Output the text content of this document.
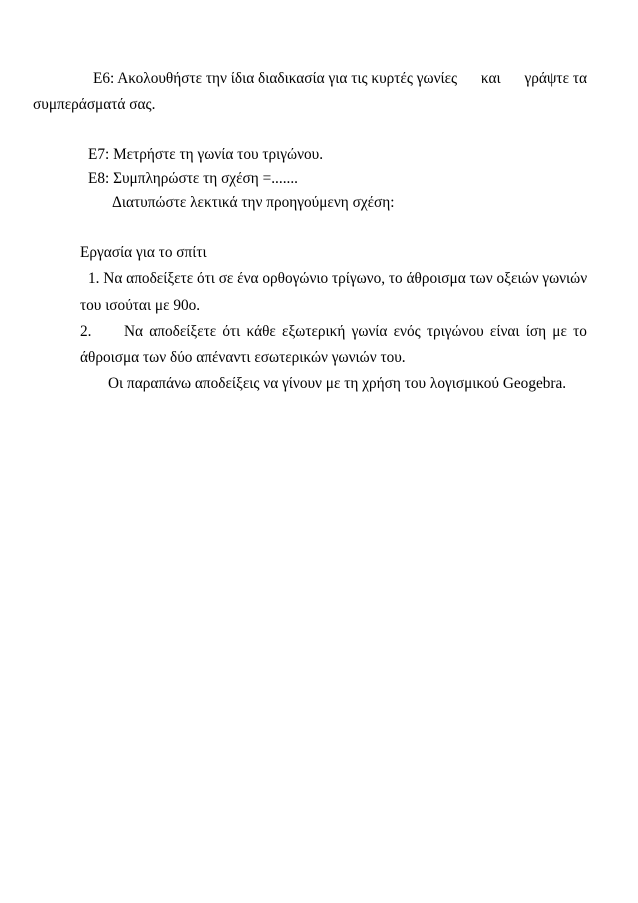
Ε6: Ακολουθήστε την ίδια διαδικασία για τις κυρτές γωνίες και γράψτε τα
συμπεράσματά σας.
Ε7: Μετρήστε τη γωνία του τριγώνου.
Ε8: Συμπληρώστε τη σχέση =.......
Διατυπώστε λεκτικά την προηγούμενη σχέση:
Εργασία για το σπίτι
1. Να αποδείξετε ότι σε ένα ορθογώνιο τρίγωνο, το άθροισμα των οξειών γωνιών
του ισούται με 90ο.
2. Να αποδείξετε ότι κάθε εξωτερική γωνία ενός τριγώνου είναι ίση με το
άθροισμα των δύο απέναντι εσωτερικών γωνιών του.
Οι παραπάνω αποδείξεις να γίνουν με τη χρήση του λογισμικού Geogebra.
